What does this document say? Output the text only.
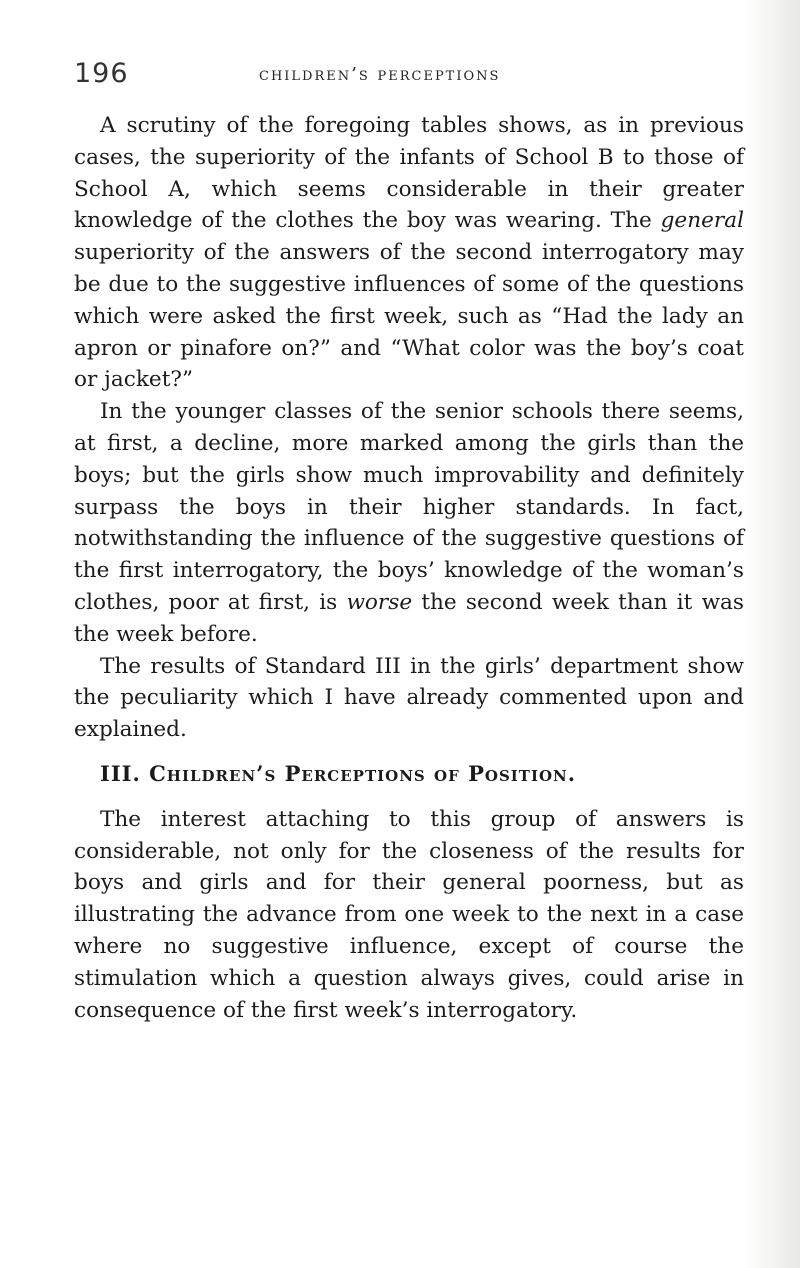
196	children’s perceptions

A scrutiny of the foregoing tables shows, as in previous cases, the superiority of the infants of School B to those of School A, which seems considerable in their greater knowledge of the clothes the boy was wearing. The general superiority of the answers of the second interrogatory may be due to the suggestive influences of some of the questions which were asked the first week, such as “Had the lady an apron or pinafore on?” and “What color was the boy’s coat or jacket?”

In the younger classes of the senior schools there seems, at first, a decline, more marked among the girls than the boys; but the girls show much improvability and definitely surpass the boys in their higher standards. In fact, notwithstanding the influence of the suggestive questions of the first interrogatory, the boys’ knowledge of the woman’s clothes, poor at first, is worse the second week than it was the week before.

The results of Standard III in the girls’ department show the peculiarity which I have already commented upon and explained.

III. Children’s Perceptions of Position.

The interest attaching to this group of answers is considerable, not only for the closeness of the results for boys and girls and for their general poorness, but as illustrating the advance from one week to the next in a case where no suggestive influence, except of course the stimulation which a question always gives, could arise in consequence of the first week’s interrogatory.
